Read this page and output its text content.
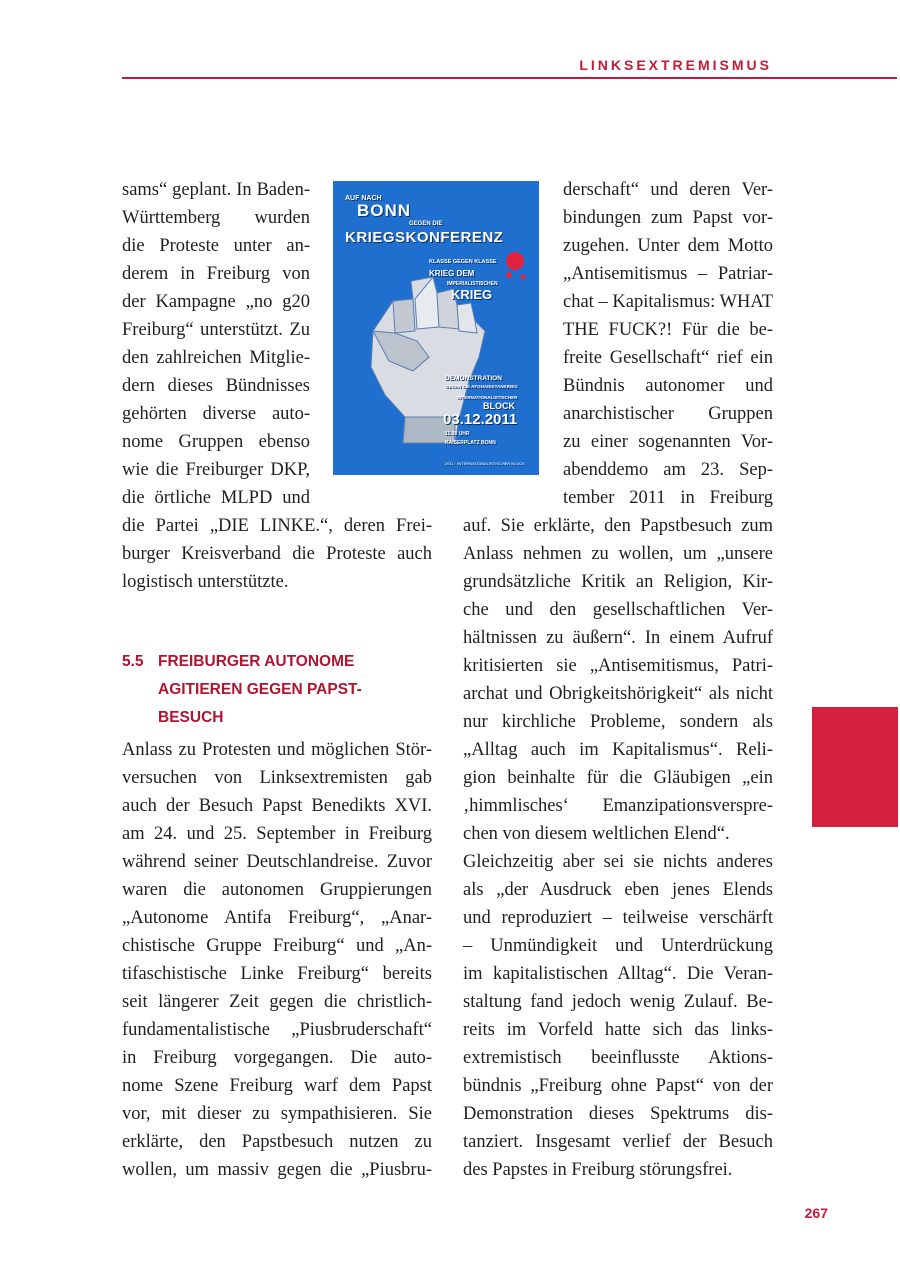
LINKSEXTREMISMUS
sams“ geplant. In Baden-
Württemberg wurden
die Proteste unter an-
derem in Freiburg von
der Kampagne „no g20
Freiburg“ unterstützt. Zu
den zahlreichen Mitglie-
dern dieses Bündnisses
gehörten diverse auto-
nome Gruppen ebenso
wie die Freiburger DKP,
die örtliche MLPD und
die Partei „DIE LINKE.“, deren Frei-
burger Kreisverband die Proteste auch
logistisch unterstützte.
5.5 FREIBURGER AUTONOME
AGITIEREN GEGEN PAPST-
BESUCH
Anlass zu Protesten und möglichen Stör-
versuchen von Linksextremisten gab
auch der Besuch Papst Benedikts XVI.
am 24. und 25. September in Freiburg
während seiner Deutschlandreise. Zuvor
waren die autonomen Gruppierungen
„Autonome Antifa Freiburg“, „Anar-
chistische Gruppe Freiburg“ und „An-
tifaschistische Linke Freiburg“ bereits
seit längerer Zeit gegen die christlich-
fundamentalistische „Piusbruderschaft“
in Freiburg vorgegangen. Die auto-
nome Szene Freiburg warf dem Papst
vor, mit dieser zu sympathisieren. Sie
erklärte, den Papstbesuch nutzen zu
wollen, um massiv gegen die „Piusbru-
AUF NACH
BONN
GEGEN DIE
KRIEGSKONFERENZ
KLASSE GEGEN KLASSE
KRIEG DEM
IMPERIALISTISCHEN
KRIEG
DEMONSTRATION
GEGEN DIE AFGHANISTANKRIEG
INTERNATIONALISTISCHER
BLOCK
03.12.2011
11.30 UHR
KAISERPLATZ BONN
2011 · INTERNATIONALISTISCHER BLOCK
derschaft“ und deren Ver-
bindungen zum Papst vor-
zugehen. Unter dem Motto
„Antisemitismus – Patriar-
chat – Kapitalismus: WHAT
THE FUCK?! Für die be-
freite Gesellschaft“ rief ein
Bündnis autonomer und
anarchistischer Gruppen
zu einer sogenannten Vor-
abenddemo am 23. Sep-
tember 2011 in Freiburg
auf. Sie erklärte, den Papstbesuch zum
Anlass nehmen zu wollen, um „unsere
grundsätzliche Kritik an Religion, Kir-
che und den gesellschaftlichen Ver-
hältnissen zu äußern“. In einem Aufruf
kritisierten sie „Antisemitismus, Patri-
archat und Obrigkeitshörigkeit“ als nicht
nur kirchliche Probleme, sondern als
„Alltag auch im Kapitalismus“. Reli-
gion beinhalte für die Gläubigen „ein
‚himmlisches‘ Emanzipationsverspre-
chen von diesem weltlichen Elend“.
Gleichzeitig aber sei sie nichts anderes
als „der Ausdruck eben jenes Elends
und reproduziert – teilweise verschärft
– Unmündigkeit und Unterdrückung
im kapitalistischen Alltag“. Die Veran-
staltung fand jedoch wenig Zulauf. Be-
reits im Vorfeld hatte sich das links-
extremistisch beeinflusste Aktions-
bündnis „Freiburg ohne Papst“ von der
Demonstration dieses Spektrums dis-
tanziert. Insgesamt verlief der Besuch
des Papstes in Freiburg störungsfrei.
267
